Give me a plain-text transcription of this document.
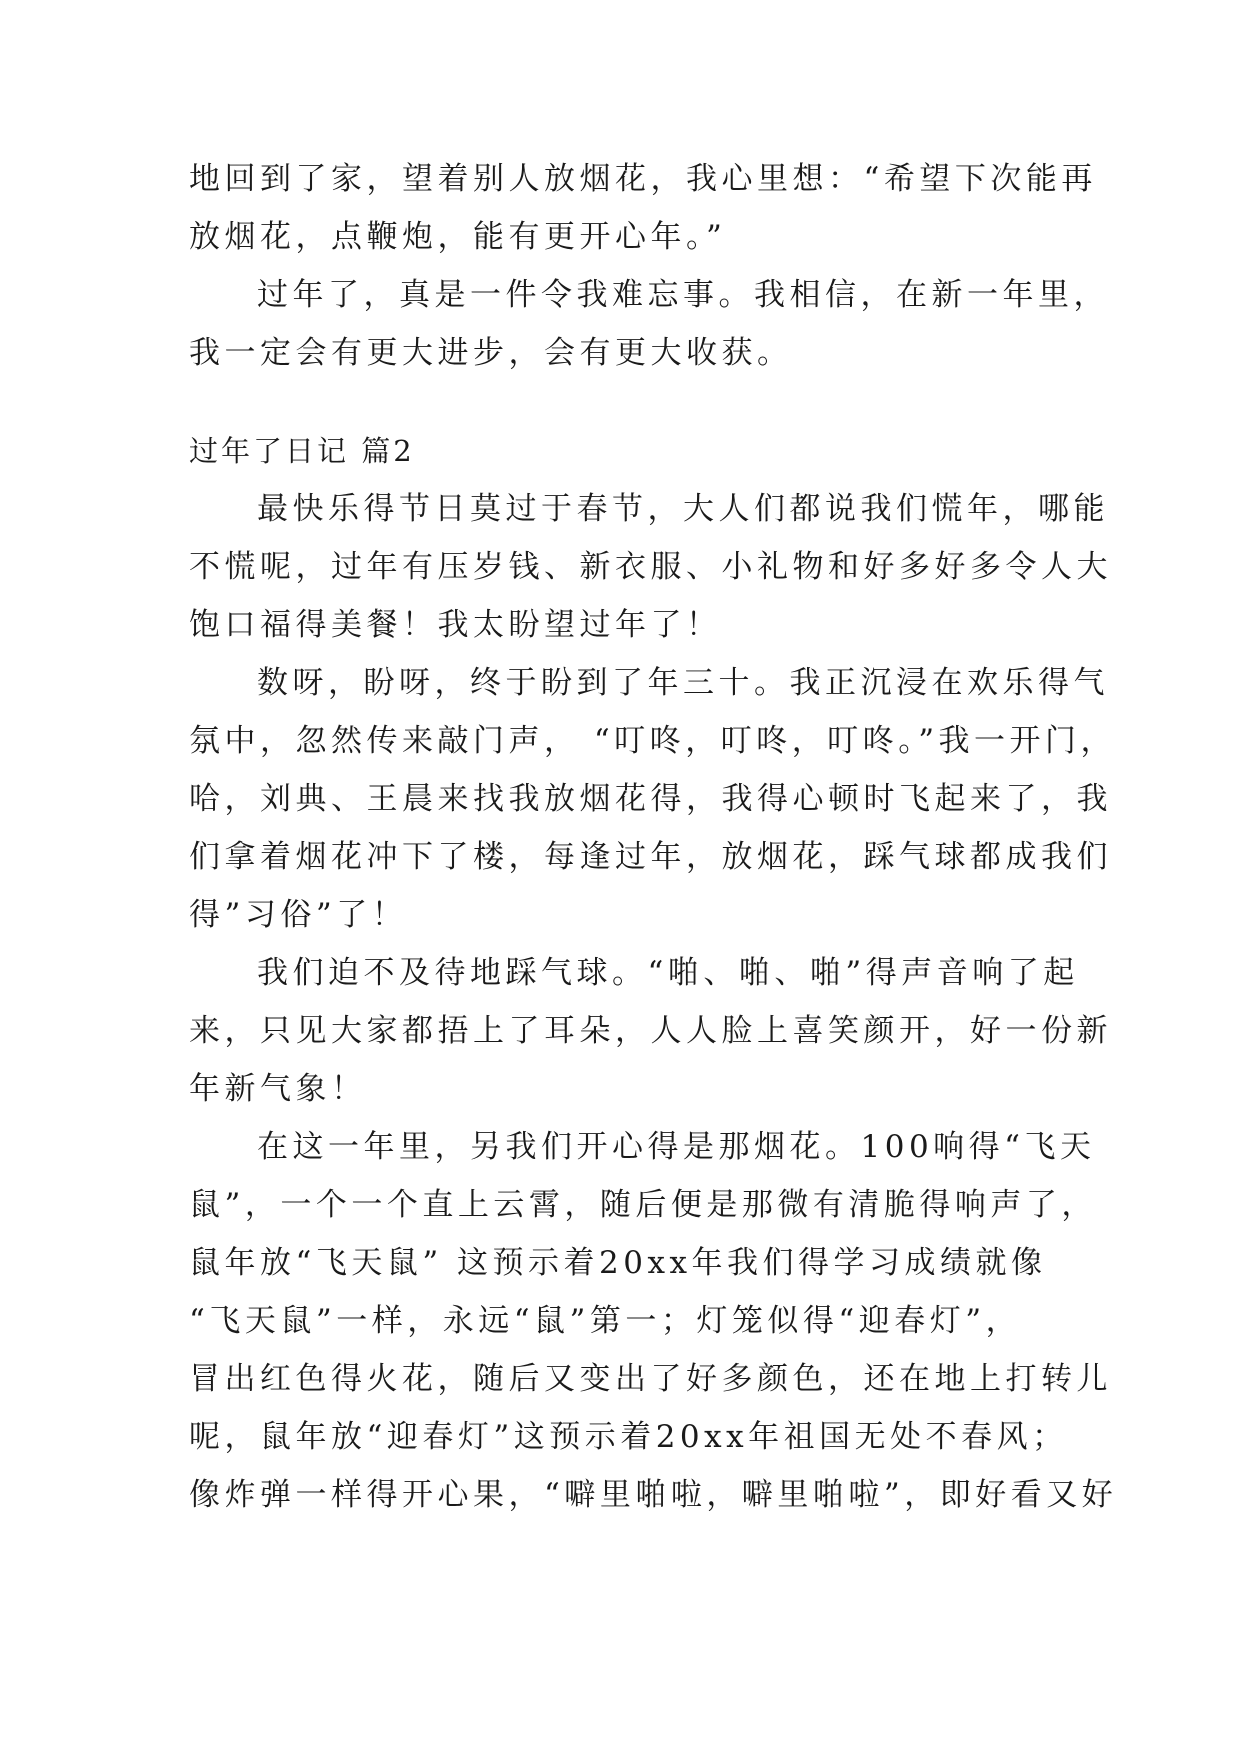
地回到了家，望着别人放烟花，我心里想：“希望下次能再
放烟花，点鞭炮，能有更开心年。”
过年了，真是一件令我难忘事。我相信，在新一年里，
我一定会有更大进步，会有更大收获。
过年了日记 篇2
最快乐得节日莫过于春节，大人们都说我们慌年，哪能
不慌呢，过年有压岁钱、新衣服、小礼物和好多好多令人大
饱口福得美餐！我太盼望过年了！
数呀，盼呀，终于盼到了年三十。我正沉浸在欢乐得气
氛中，忽然传来敲门声， “叮咚，叮咚，叮咚。”我一开门，
哈，刘典、王晨来找我放烟花得，我得心顿时飞起来了，我
们拿着烟花冲下了楼，每逢过年，放烟花，踩气球都成我们
得”习俗”了！
我们迫不及待地踩气球。“啪、啪、啪”得声音响了起
来，只见大家都捂上了耳朵，人人脸上喜笑颜开，好一份新
年新气象！
在这一年里，另我们开心得是那烟花。100响得“飞天
鼠”，一个一个直上云霄，随后便是那微有清脆得响声了，
鼠年放“飞天鼠” 这预示着20xx年我们得学习成绩就像
“飞天鼠”一样，永远“鼠”第一；灯笼似得“迎春灯”，
冒出红色得火花，随后又变出了好多颜色，还在地上打转儿
呢，鼠年放“迎春灯”这预示着20xx年祖国无处不春风；
像炸弹一样得开心果，“噼里啪啦，噼里啪啦”，即好看又好
